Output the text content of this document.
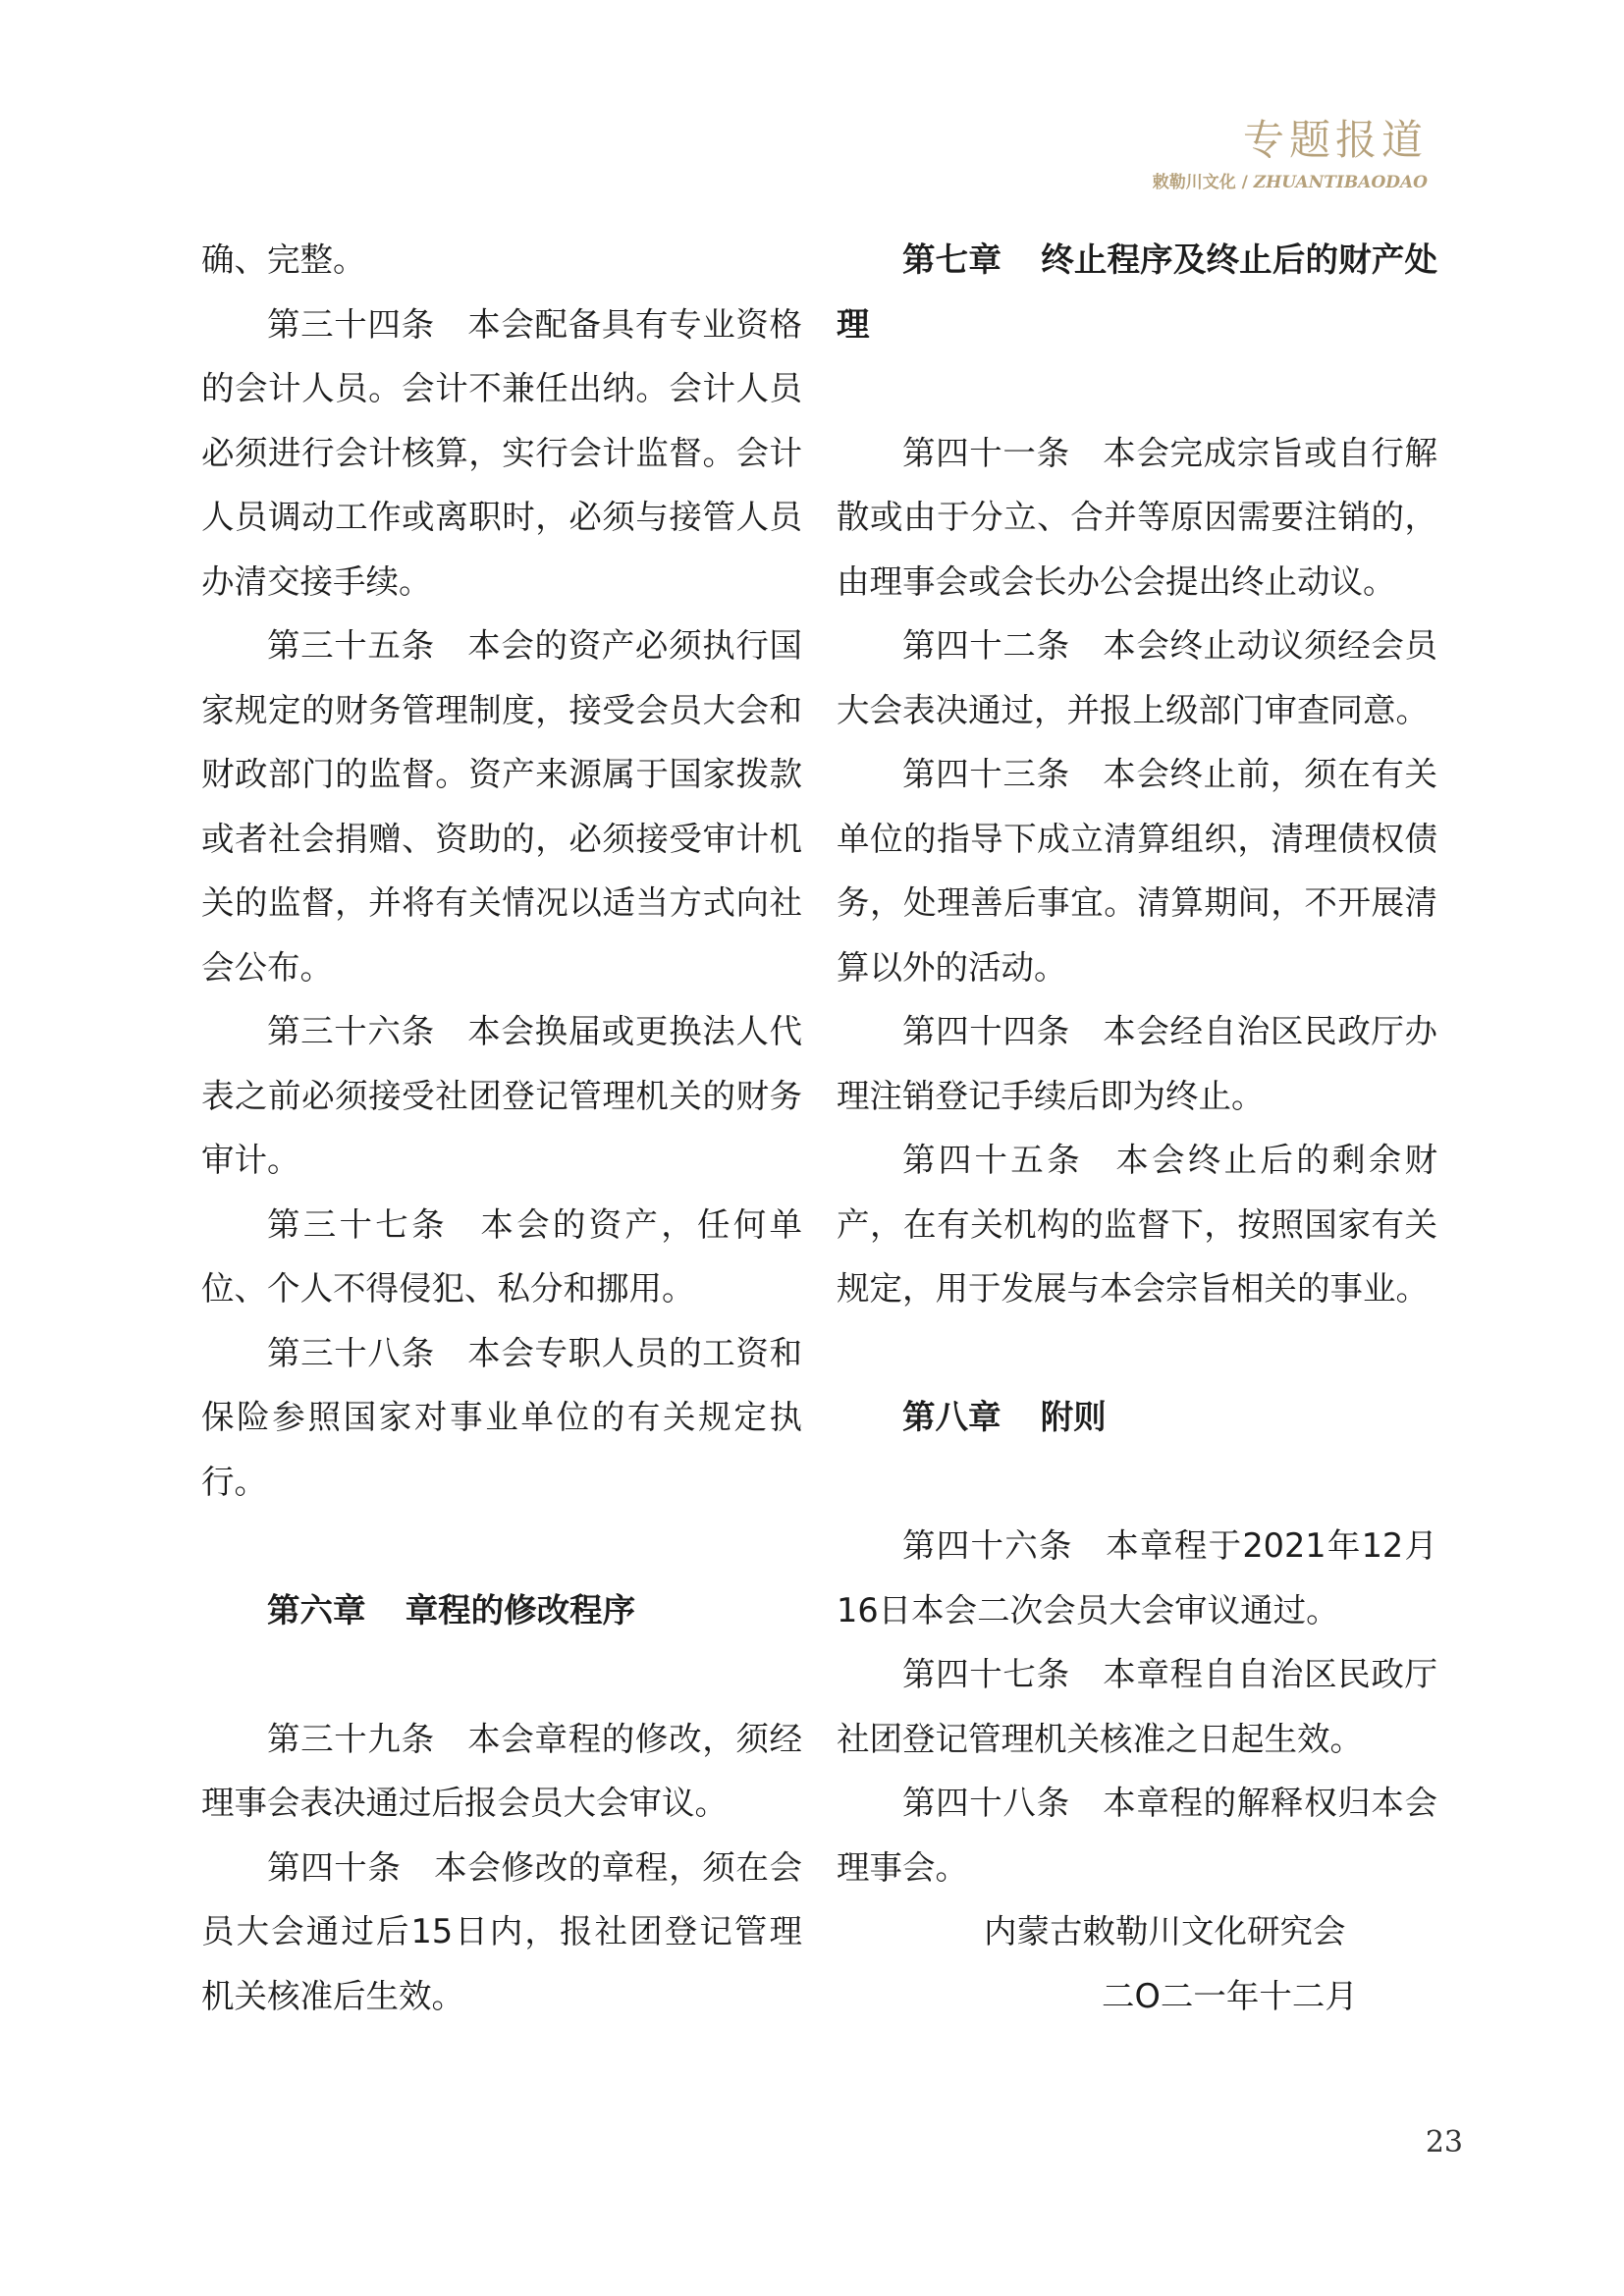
专题报道
敕勒川文化 / ZHUANTIBAODAO

确、完整。

第三十四条 本会配备具有专业资格的会计人员。会计不兼任出纳。会计人员必须进行会计核算，实行会计监督。会计人员调动工作或离职时，必须与接管人员办清交接手续。

第三十五条 本会的资产必须执行国家规定的财务管理制度，接受会员大会和财政部门的监督。资产来源属于国家拨款或者社会捐赠、资助的，必须接受审计机关的监督，并将有关情况以适当方式向社会公布。

第三十六条 本会换届或更换法人代表之前必须接受社团登记管理机关的财务审计。

第三十七条 本会的资产，任何单位、个人不得侵犯、私分和挪用。

第三十八条 本会专职人员的工资和保险参照国家对事业单位的有关规定执行。

第六章 章程的修改程序

第三十九条 本会章程的修改，须经理事会表决通过后报会员大会审议。

第四十条 本会修改的章程，须在会员大会通过后15日内，报社团登记管理机关核准后生效。

第七章 终止程序及终止后的财产处理

第四十一条 本会完成宗旨或自行解散或由于分立、合并等原因需要注销的，由理事会或会长办公会提出终止动议。

第四十二条 本会终止动议须经会员大会表决通过，并报上级部门审查同意。

第四十三条 本会终止前，须在有关单位的指导下成立清算组织，清理债权债务，处理善后事宜。清算期间，不开展清算以外的活动。

第四十四条 本会经自治区民政厅办理注销登记手续后即为终止。

第四十五条 本会终止后的剩余财产，在有关机构的监督下，按照国家有关规定，用于发展与本会宗旨相关的事业。

第八章 附则

第四十六条 本章程于2021年12月16日本会二次会员大会审议通过。

第四十七条 本章程自自治区民政厅社团登记管理机关核准之日起生效。

第四十八条 本章程的解释权归本会理事会。

内蒙古敕勒川文化研究会

二O二一年十二月

23
